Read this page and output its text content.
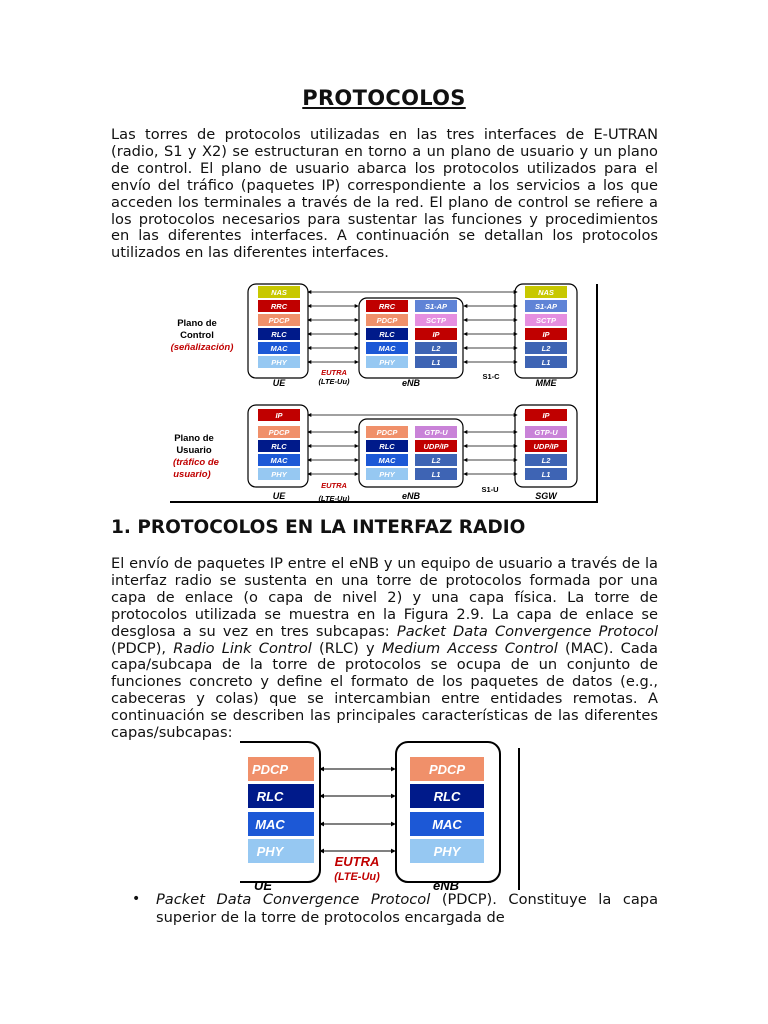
PROTOCOLOS

Las torres de protocolos utilizadas en las tres interfaces de E-UTRAN (radio, S1 y X2) se estructuran en torno a un plano de usuario y un plano de control. El plano de usuario abarca los protocolos utilizados para el envío del tráfico (paquetes IP) correspondiente a los servicios a los que acceden los terminales a través de la red. El plano de control se refiere a los protocolos necesarios para sustentar las funciones y procedimientos en las diferentes interfaces. A continuación se detallan los protocolos utilizados en las diferentes interfaces.

Plano de
Control
(señalización)
NAS
RRC
PDCP
RLC
MAC
PHY
RRC
PDCP
RLC
MAC
PHY
S1-AP
SCTP
IP
L2
L1
NAS
S1-AP
SCTP
IP
L2
L1
EUTRA
(LTE-Uu)
S1-C
UE	eNB	MME
Plano de
Usuario
(tráfico de
usuario)
IP
PDCP
RLC
MAC
PHY
PDCP
RLC
MAC
PHY
GTP-U
UDP/IP
L2
L1
IP
GTP-U
UDP/IP
L2
L1
EUTRA
(LTE-Uu)
S1-U
UE	eNB	SGW
1. PROTOCOLOS EN LA INTERFAZ RADIO

El envío de paquetes IP entre el eNB y un equipo de usuario a través de la interfaz radio se sustenta en una torre de protocolos formada por una capa de enlace (o capa de nivel 2) y una capa física. La torre de protocolos utilizada se muestra en la Figura 2.9. La capa de enlace se desglosa a su vez en tres subcapas: Packet Data Convergence Protocol (PDCP), Radio Link Control (RLC) y Medium Access Control (MAC). Cada capa/subcapa de la torre de protocolos se ocupa de un conjunto de funciones concreto y define el formato de los paquetes de datos (e.g., cabeceras y colas) que se intercambian entre entidades remotas. A continuación se describen las principales características de las diferentes capas/subcapas:

PDCP
RLC
MAC
PHY
PDCP
RLC
MAC
PHY
EUTRA
(LTE-Uu)
UE	eNB
• Packet Data Convergence Protocol (PDCP). Constituye la capa superior de la torre de protocolos encargada de
